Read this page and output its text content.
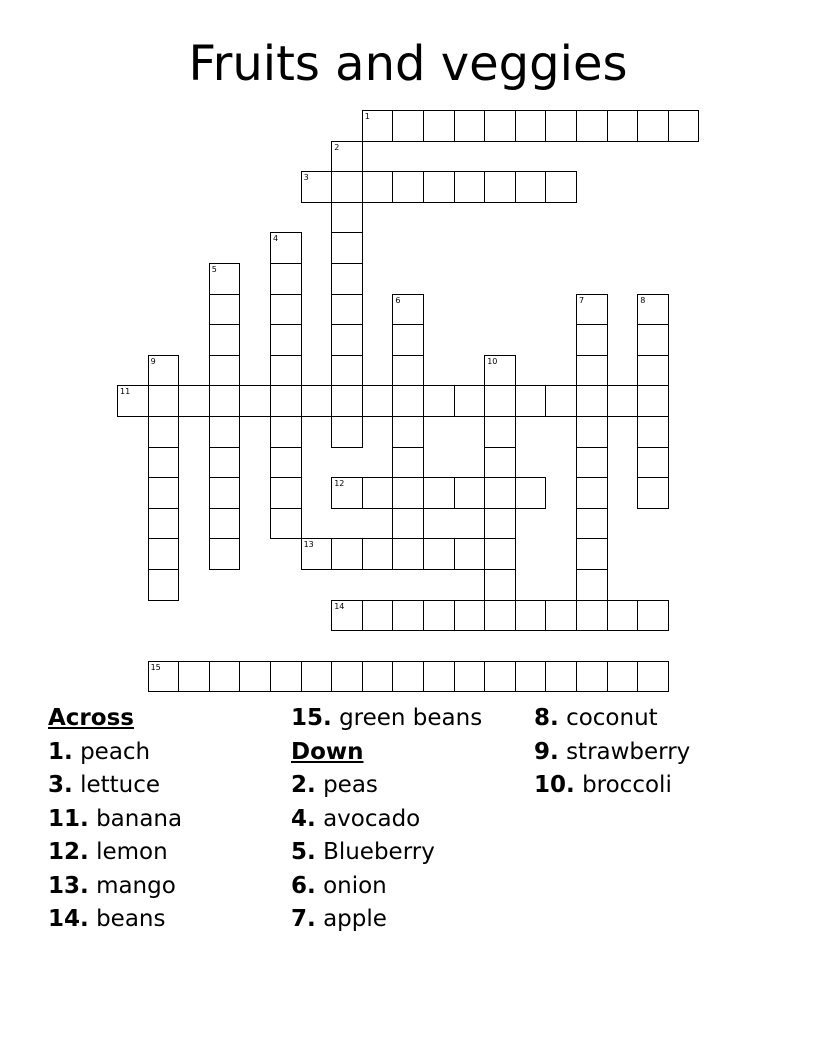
Fruits and veggies
1
2
3
4
5
6	7	8
9	10
11
12
13
14
15
Across
1. peach
3. lettuce
11. banana
12. lemon
13. mango
14. beans
15. green beans
Down
2. peas
4. avocado
5. Blueberry
6. onion
7. apple
8. coconut
9. strawberry
10. broccoli
